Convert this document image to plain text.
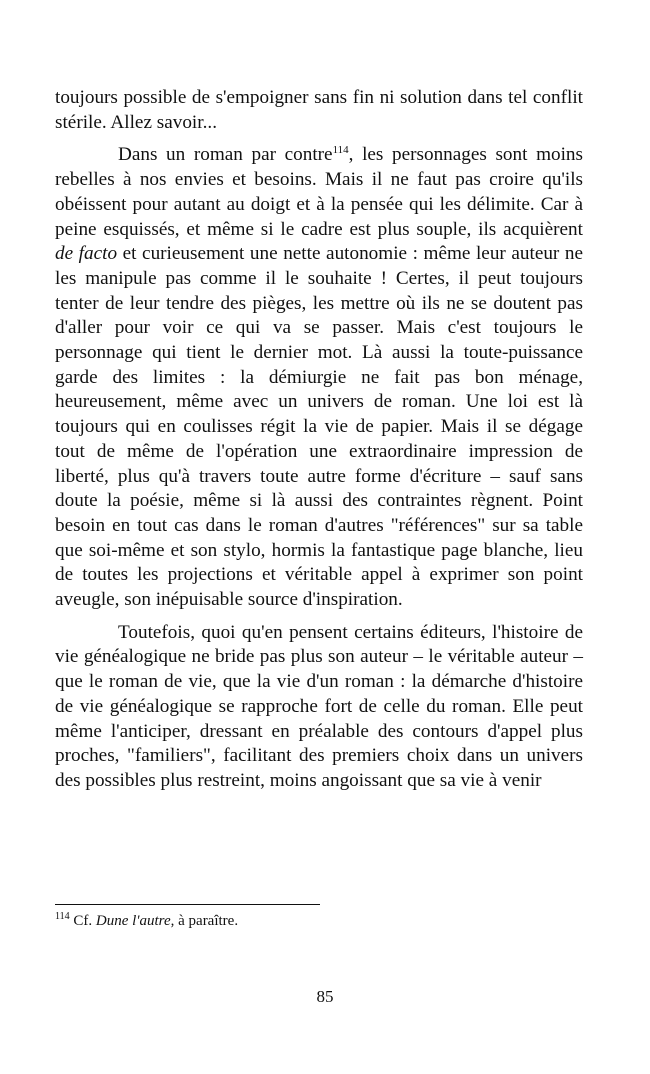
toujours possible de s'empoigner sans fin ni solution dans tel conflit stérile. Allez savoir...

Dans un roman par contre$^{114}$, les personnages sont moins rebelles à nos envies et besoins. Mais il ne faut pas croire qu'ils obéissent pour autant au doigt et à la pensée qui les délimite. Car à peine esquissés, et même si le cadre est plus souple, ils acquièrent de facto et curieusement une nette autonomie : même leur auteur ne les manipule pas comme il le souhaite ! Certes, il peut toujours tenter de leur tendre des pièges, les mettre où ils ne se doutent pas d'aller pour voir ce qui va se passer. Mais c'est toujours le personnage qui tient le dernier mot. Là aussi la toute-puissance garde des limites : la démiurgie ne fait pas bon ménage, heureusement, même avec un univers de roman. Une loi est là toujours qui en coulisses régit la vie de papier. Mais il se dégage tout de même de l'opération une extraordinaire impression de liberté, plus qu'à travers toute autre forme d'écriture – sauf sans doute la poésie, même si là aussi des contraintes règnent. Point besoin en tout cas dans le roman d'autres "références" sur sa table que soi-même et son stylo, hormis la fantastique page blanche, lieu de toutes les projections et véritable appel à exprimer son point aveugle, son inépuisable source d'inspiration.

Toutefois, quoi qu'en pensent certains éditeurs, l'histoire de vie généalogique ne bride pas plus son auteur – le véritable auteur – que le roman de vie, que la vie d'un roman : la démarche d'histoire de vie généalogique se rapproche fort de celle du roman. Elle peut même l'anticiper, dressant en préalable des contours d'appel plus proches, "familiers", facilitant des premiers choix dans un univers des possibles plus restreint, moins angoissant que sa vie à venir

$^{114}$ Cf. Dune l'autre, à paraître.
85
